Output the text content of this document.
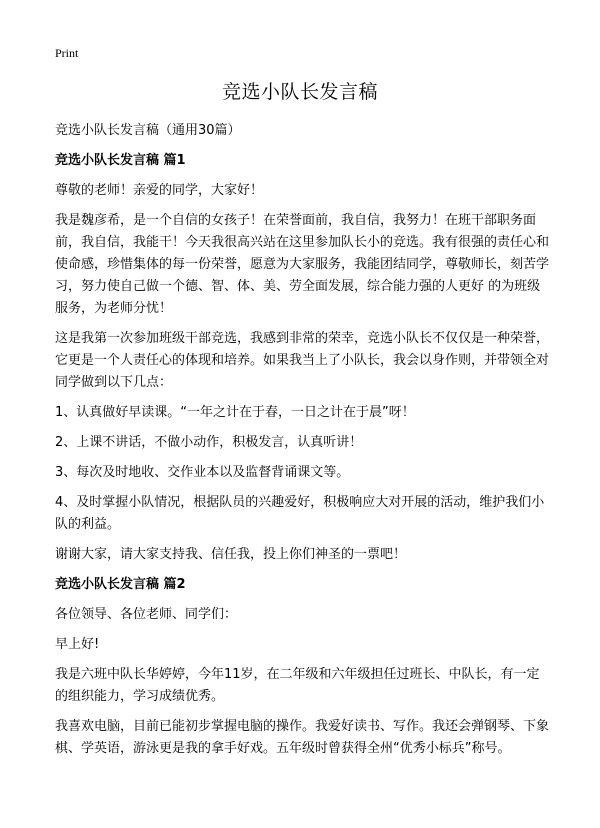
Print
竞选小队长发言稿

竞选小队长发言稿（通用30篇）

竞选小队长发言稿 篇1

尊敬的老师！亲爱的同学，大家好！

我是魏彦希，是一个自信的女孩子！在荣誉面前，我自信，我努力！在班干部职务面前，我自信，我能干！今天我很高兴站在这里参加队长小的竞选。我有很强的责任心和使命感，珍惜集体的每一份荣誉，愿意为大家服务，我能团结同学，尊敬师长，刻苦学习，努力使自己做一个德、智、体、美、劳全面发展，综合能力强的人更好 的为班级服务，为老师分忧！

这是我第一次参加班级干部竞选，我感到非常的荣幸，竞选小队长不仅仅是一种荣誉，它更是一个人责任心的体现和培养。如果我当上了小队长，我会以身作则，并带领全对同学做到以下几点：

1、认真做好早读课。“一年之计在于春，一日之计在于晨”呀！

2、上课不讲话，不做小动作，积极发言，认真听讲！

3、每次及时地收、交作业本以及监督背诵课文等。

4、及时掌握小队情况，根据队员的兴趣爱好，积极响应大对开展的活动，维护我们小队的利益。

谢谢大家，请大家支持我、信任我，投上你们神圣的一票吧！

竞选小队长发言稿 篇2

各位领导、各位老师、同学们：

早上好!

我是六班中队长华婷婷，今年11岁，在二年级和六年级担任过班长、中队长，有一定的组织能力，学习成绩优秀。

我喜欢电脑，目前已能初步掌握电脑的操作。我爱好读书、写作。我还会弹钢琴、下象棋、学英语，游泳更是我的拿手好戏。五年级时曾获得全州“优秀小标兵”称号。
